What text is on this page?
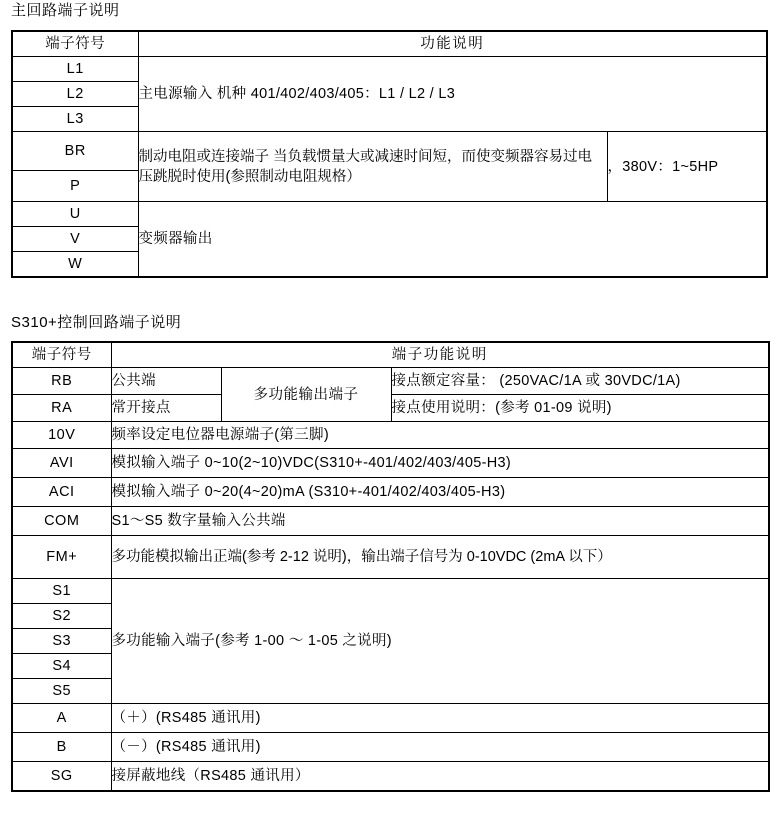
主回路端子说明
端子符号	功能说明	
L1	主电源输入 机种 401/402/403/405：L1 / L2 / L3	
L2		
L3		
BR	制动电阻或连接端子 当负载惯量大或减速时间短，而使变频器容易过电压跳脱时使用(参照制动电阻规格）	，380V：1~5HP
P		
U	变频器输出	
V		
W		
S310+控制回路端子说明
端子符号	端子功能说明		
RB	公共端	多功能输出端子	接点额定容量： (250VAC/1A 或 30VDC/1A)
RA	常开接点		接点使用说明：(参考 01-09 说明)
10V	频率设定电位器电源端子(第三脚)		
AVI	模拟输入端子 0~10(2~10)VDC(S310+-401/402/403/405-H3)		
ACI	模拟输入端子 0~20(4~20)mA (S310+-401/402/403/405-H3)		
COM	S1～S5 数字量输入公共端		
FM+	多功能模拟输出正端(参考 2-12 说明)，输出端子信号为 0-10VDC (2mA 以下）		
S1	多功能输入端子(参考 1-00 ～ 1-05 之说明)		
S2			
S3			
S4			
S5			
A	（＋）(RS485 通讯用)		
B	（－）(RS485 通讯用)		
SG	接屏蔽地线（RS485 通讯用）		
